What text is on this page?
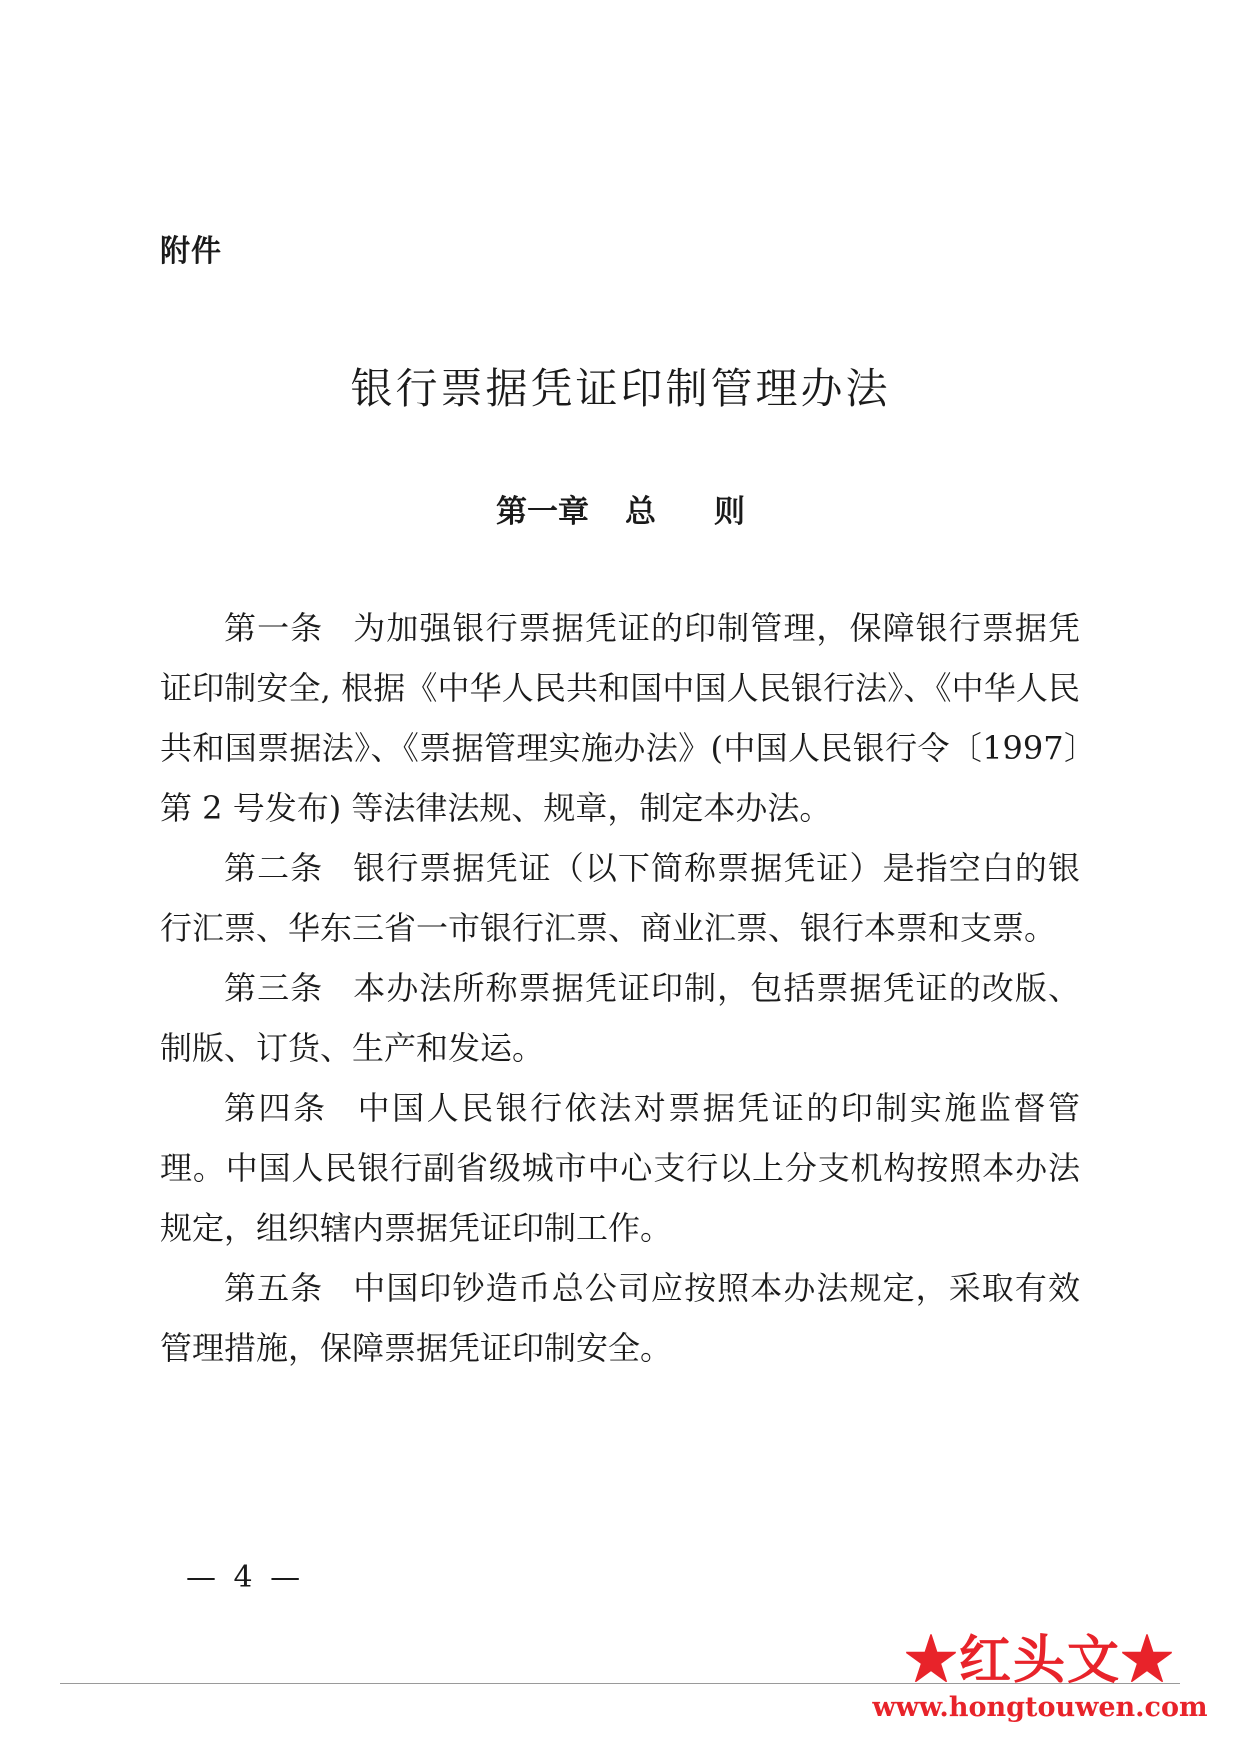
附件
银行票据凭证印制管理办法
第一章 总 则

第一条 为加强银行票据凭证的印制管理，保障银行票据凭证印制安全, 根据《中华人民共和国中国人民银行法》、《中华人民共和国票据法》、《票据管理实施办法》(中国人民银行令〔1997〕第 2 号发布) 等法律法规、规章，制定本办法。

第二条 银行票据凭证（以下简称票据凭证）是指空白的银行汇票、华东三省一市银行汇票、商业汇票、银行本票和支票。

第三条 本办法所称票据凭证印制，包括票据凭证的改版、制版、订货、生产和发运。

第四条 中国人民银行依法对票据凭证的印制实施监督管理。中国人民银行副省级城市中心支行以上分支机构按照本办法规定，组织辖内票据凭证印制工作。

第五条 中国印钞造币总公司应按照本办法规定，采取有效管理措施，保障票据凭证印制安全。

— 4 —
★红头文★
www.hongtouwen.com
